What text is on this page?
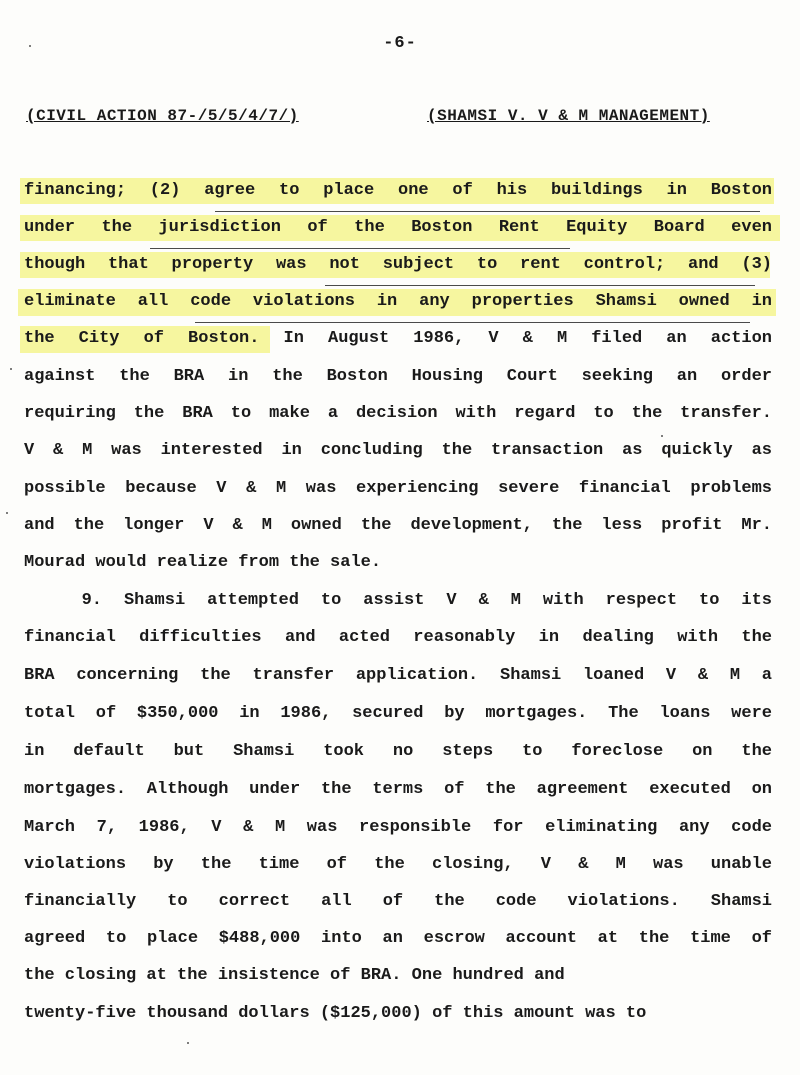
-6-
(CIVIL ACTION 87-/5/5/4/7/)	(SHAMSI V. V & M MANAGEMENT)
financing; (2) agree to place one of his buildings in Boston
under the jurisdiction of the Boston Rent Equity Board even
though that property was not subject to rent control; and (3)
eliminate all code violations in any properties Shamsi owned in
the City of Boston. In August 1986, V & M filed an action
against the BRA in the Boston Housing Court seeking an order
requiring the BRA to make a decision with regard to the transfer.
V & M was interested in concluding the transaction as quickly as
possible because V & M was experiencing severe financial problems
and the longer V & M owned the development, the less profit Mr.
Mourad would realize from the sale.
9. Shamsi attempted to assist V & M with respect to its
financial difficulties and acted reasonably in dealing with the
BRA concerning the transfer application. Shamsi loaned V & M a
total of $350,000 in 1986, secured by mortgages. The loans were
in default but Shamsi took no steps to foreclose on the
mortgages. Although under the terms of the agreement executed on
March 7, 1986, V & M was responsible for eliminating any code
violations by the time of the closing, V & M was unable
financially to correct all of the code violations. Shamsi
agreed to place $488,000 into an escrow account at the time of
the closing at the insistence of BRA. One hundred and
twenty-five thousand dollars ($125,000) of this amount was to
